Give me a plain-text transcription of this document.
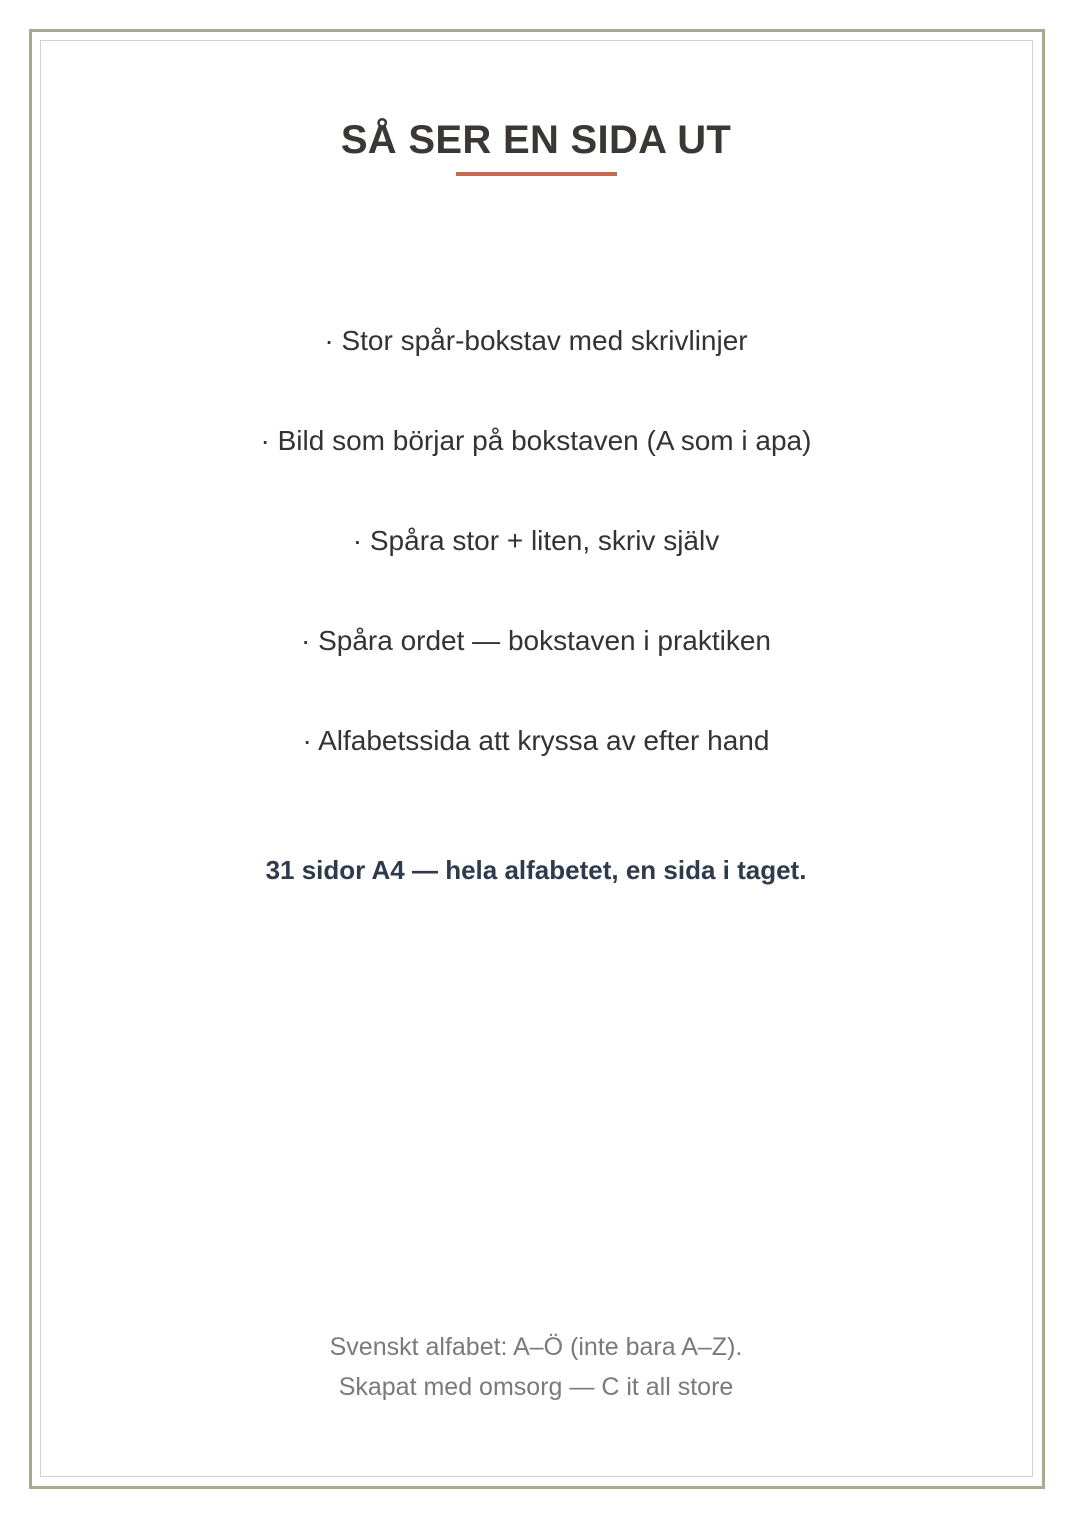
SÅ SER EN SIDA UT
· Stor spår-bokstav med skrivlinjer
· Bild som börjar på bokstaven (A som i apa)
· Spåra stor + liten, skriv själv
· Spåra ordet — bokstaven i praktiken
· Alfabetssida att kryssa av efter hand
31 sidor A4 — hela alfabetet, en sida i taget.
Svenskt alfabet: A–Ö (inte bara A–Z).
Skapat med omsorg — C it all store
